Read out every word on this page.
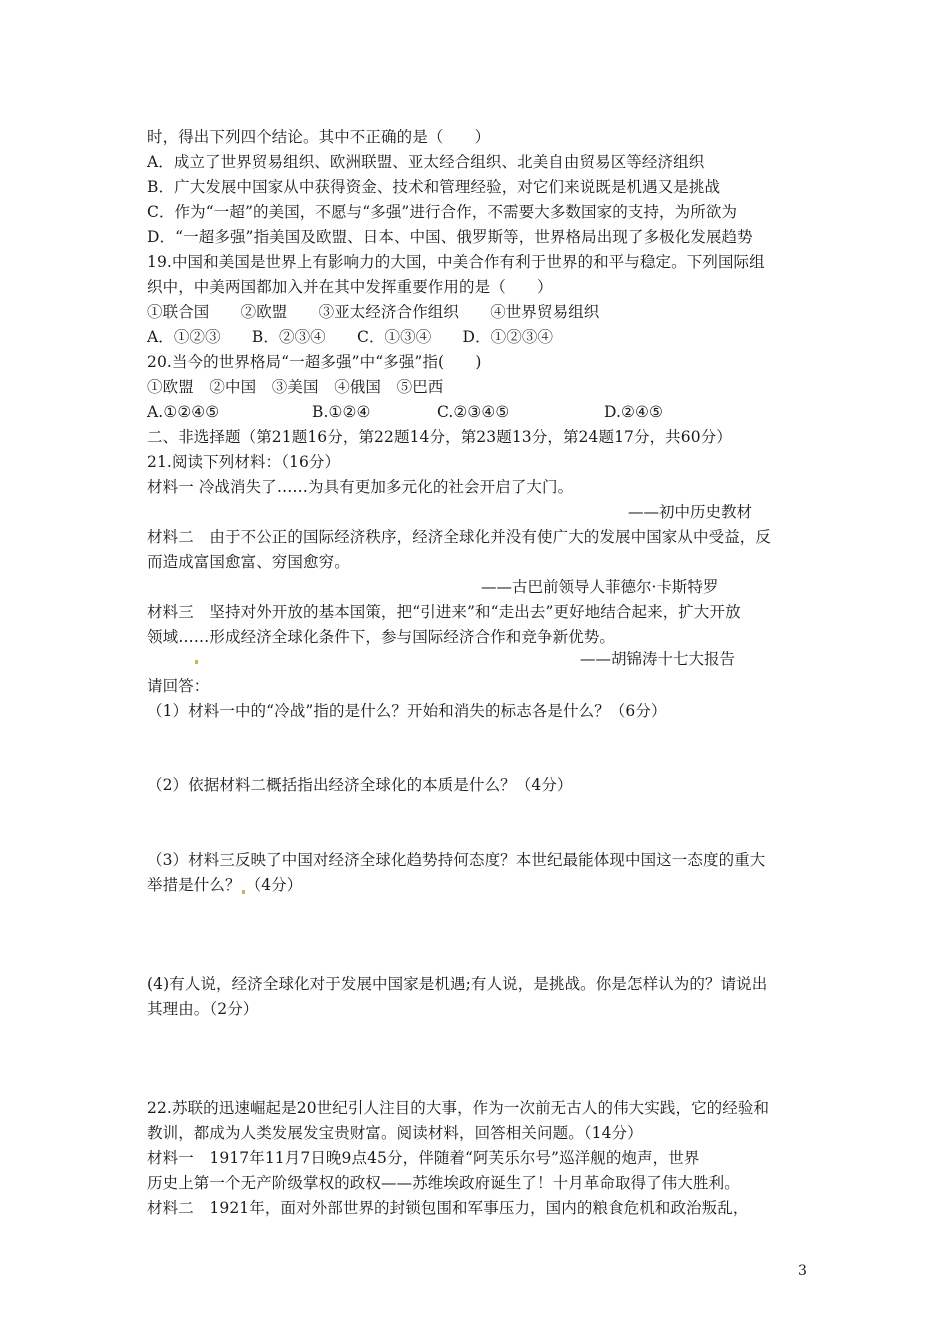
时，得出下列四个结论。其中不正确的是（　　）
A．成立了世界贸易组织、欧洲联盟、亚太经合组织、北美自由贸易区等经济组织
B．广大发展中国家从中获得资金、技术和管理经验，对它们来说既是机遇又是挑战
C．作为“一超”的美国，不愿与“多强”进行合作，不需要大多数国家的支持，为所欲为
D．“一超多强”指美国及欧盟、日本、中国、俄罗斯等，世界格局出现了多极化发展趋势
19.中国和美国是世界上有影响力的大国，中美合作有利于世界的和平与稳定。下列国际组
织中，中美两国都加入并在其中发挥重要作用的是（　　）
①联合国　　②欧盟　　③亚太经济合作组织　　④世界贸易组织
A．①②③　　B．②③④　　C．①③④　　D．①②③④
20.当今的世界格局“一超多强”中“多强”指(　　)
①欧盟　②中国　③美国　④俄国　⑤巴西
A.①②④⑤	B.①②④	C.②③④⑤	D.②④⑤
二、非选择题（第21题16分，第22题14分，第23题13分，第24题17分，共60分）
21.阅读下列材料：（16分）
材料一 冷战消失了……为具有更加多元化的社会开启了大门。
——初中历史教材
材料二　由于不公正的国际经济秩序，经济全球化并没有使广大的发展中国家从中受益，反
而造成富国愈富、穷国愈穷。
——古巴前领导人菲德尔·卡斯特罗
材料三　坚持对外开放的基本国策，把“引进来”和“走出去”更好地结合起来，扩大开放
领域……形成经济全球化条件下，参与国际经济合作和竞争新优势。
——胡锦涛十七大报告
请回答：
（1）材料一中的“冷战”指的是什么？开始和消失的标志各是什么？（6分）
（2）依据材料二概括指出经济全球化的本质是什么？（4分）
（3）材料三反映了中国对经济全球化趋势持何态度？本世纪最能体现中国这一态度的重大
举措是什么？ （4分）
(4)有人说，经济全球化对于发展中国家是机遇;有人说，是挑战。你是怎样认为的？请说出
其理由。（2分）
22.苏联的迅速崛起是20世纪引人注目的大事，作为一次前无古人的伟大实践，它的经验和
教训，都成为人类发展发宝贵财富。阅读材料，回答相关问题。（14分）
材料一　1917年11月7日晚9点45分，伴随着“阿芙乐尔号”巡洋舰的炮声，世界
历史上第一个无产阶级掌权的政权——苏维埃政府诞生了！十月革命取得了伟大胜利。
材料二　1921年，面对外部世界的封锁包围和军事压力，国内的粮食危机和政治叛乱，
3
